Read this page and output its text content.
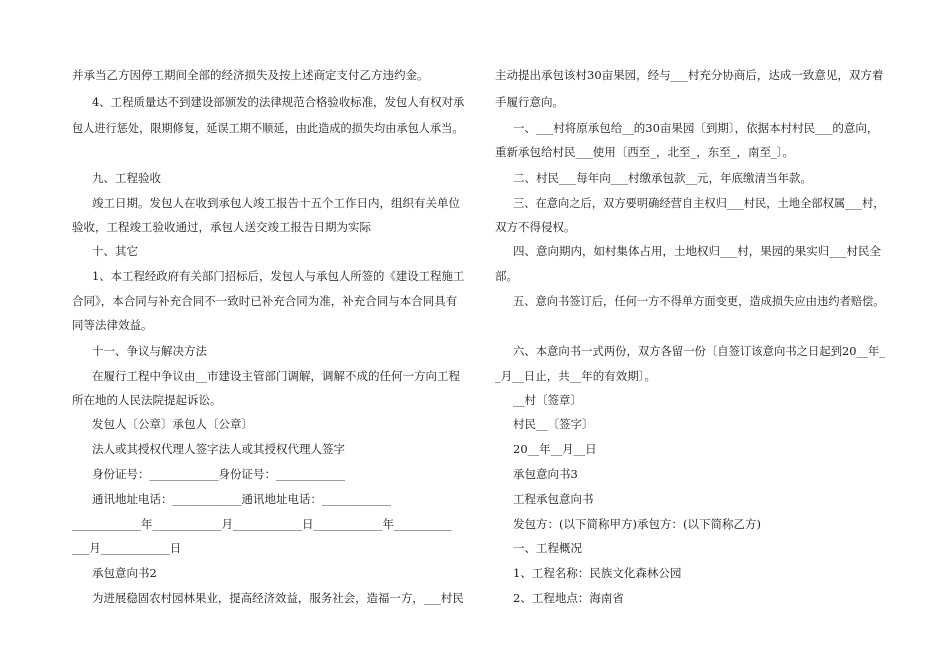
并承当乙方因停工期间全部的经济损失及按上述商定支付乙方违约金。
4、工程质量达不到建设部颁发的法律规范合格验收标准，发包人有权对承
包人进行惩处，限期修复，延误工期不顺延，由此造成的损失均由承包人承当。
九、工程验收
竣工日期。发包人在收到承包人竣工报告十五个工作日内，组织有关单位
验收，工程竣工验收通过，承包人送交竣工报告日期为实际
十、其它
1、本工程经政府有关部门招标后，发包人与承包人所签的《建设工程施工
合同》，本合同与补充合同不一致时已补充合同为准，补充合同与本合同具有
同等法律效益。
十一、争议与解决方法
在履行工程中争议由__市建设主管部门调解，调解不成的任何一方向工程
所在地的人民法院提起诉讼。
发包人〔公章〕承包人〔公章〕
法人或其授权代理人签字法人或其授权代理人签字
身份证号：____________身份证号：____________
通讯地址电话：____________通讯地址电话：____________
____________年____________月____________日____________年__________
___月____________日
承包意向书2
为进展稳固农村园林果业，提高经济效益，服务社会，造福一方，___村民
主动提出承包该村30亩果园，经与___村充分协商后，达成一致意见，双方着
手履行意向。
一、___村将原承包给__的30亩果园〔到期〕，依据本村村民___的意向，
重新承包给村民___使用〔西至_，北至_，东至_，南至_〕。
二、村民___每年向___村缴承包款__元，年底缴清当年款。
三、在意向之后，双方要明确经营自主权归___村民，土地全部权属___村，
双方不得侵权。
四、意向期内，如村集体占用，土地权归___村，果园的果实归___村民全
部。
五、意向书签订后，任何一方不得单方面变更，造成损失应由违约者赔偿。
六、本意向书一式两份，双方各留一份〔自签订该意向书之日起到20__年_
_月__日止，共__年的有效期〕。
__村〔签章〕
村民__〔签字〕
20__年__月__日
承包意向书3
工程承包意向书
发包方：(以下简称甲方)承包方：(以下简称乙方)
一、工程概况
1、工程名称：民族文化森林公园
2、工程地点：海南省
